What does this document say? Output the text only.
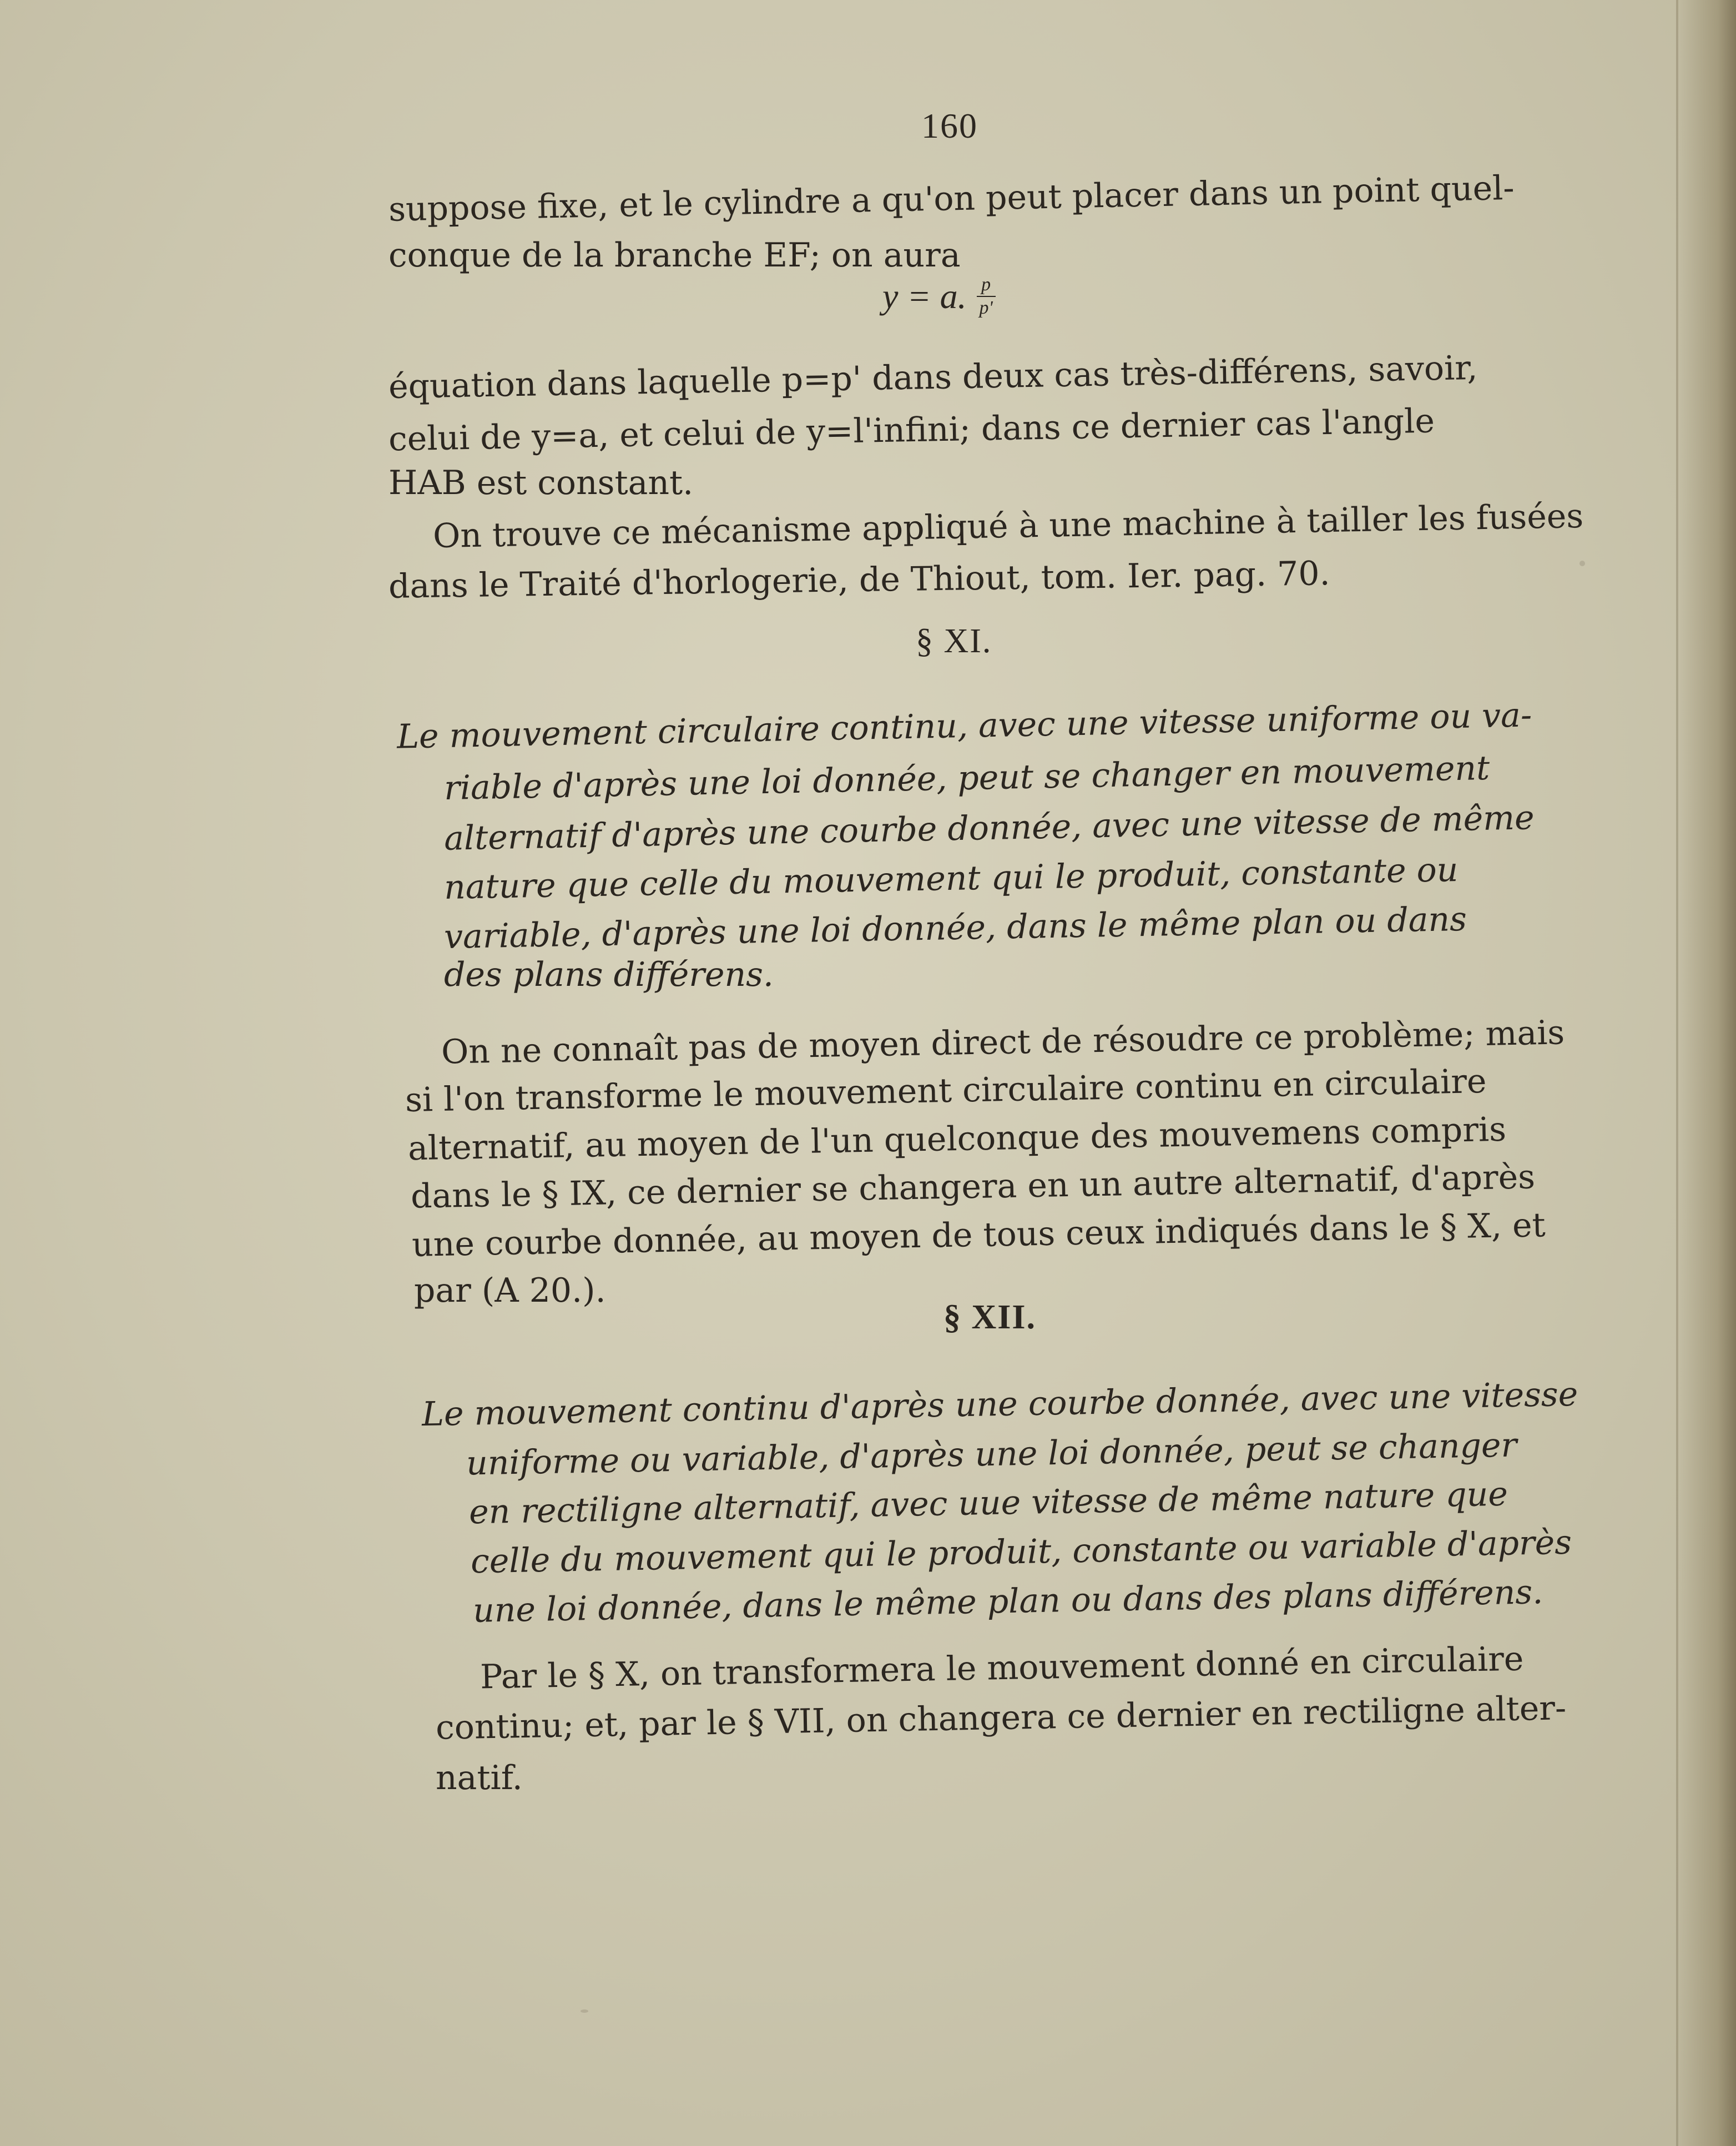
160
suppose fixe, et le cylindre a qu'on peut placer dans un point quel-
conque de la branche EF; on aura
y = a. $\frac{p}{p'}$
équation dans laquelle p=p' dans deux cas très-différens, savoir,
celui de y=a, et celui de y=l'infini; dans ce dernier cas l'angle
HAB est constant.
On trouve ce mécanisme appliqué à une machine à tailler les fusées
dans le Traité d'horlogerie, de Thiout, tom. Ier. pag. 70.
§ XI.
Le mouvement circulaire continu, avec une vitesse uniforme ou va-
riable d'après une loi donnée, peut se changer en mouvement
alternatif d'après une courbe donnée, avec une vitesse de même
nature que celle du mouvement qui le produit, constante ou
variable, d'après une loi donnée, dans le même plan ou dans
des plans différens.
On ne connaît pas de moyen direct de résoudre ce problème; mais
si l'on transforme le mouvement circulaire continu en circulaire
alternatif, au moyen de l'un quelconque des mouvemens compris
dans le § IX, ce dernier se changera en un autre alternatif, d'après
une courbe donnée, au moyen de tous ceux indiqués dans le § X, et
par (A 20.).
§ XII.
Le mouvement continu d'après une courbe donnée, avec une vitesse
uniforme ou variable, d'après une loi donnée, peut se changer
en rectiligne alternatif, avec uue vitesse de même nature que
celle du mouvement qui le produit, constante ou variable d'après
une loi donnée, dans le même plan ou dans des plans différens.
Par le § X, on transformera le mouvement donné en circulaire
continu; et, par le § VII, on changera ce dernier en rectiligne alter-
natif.
